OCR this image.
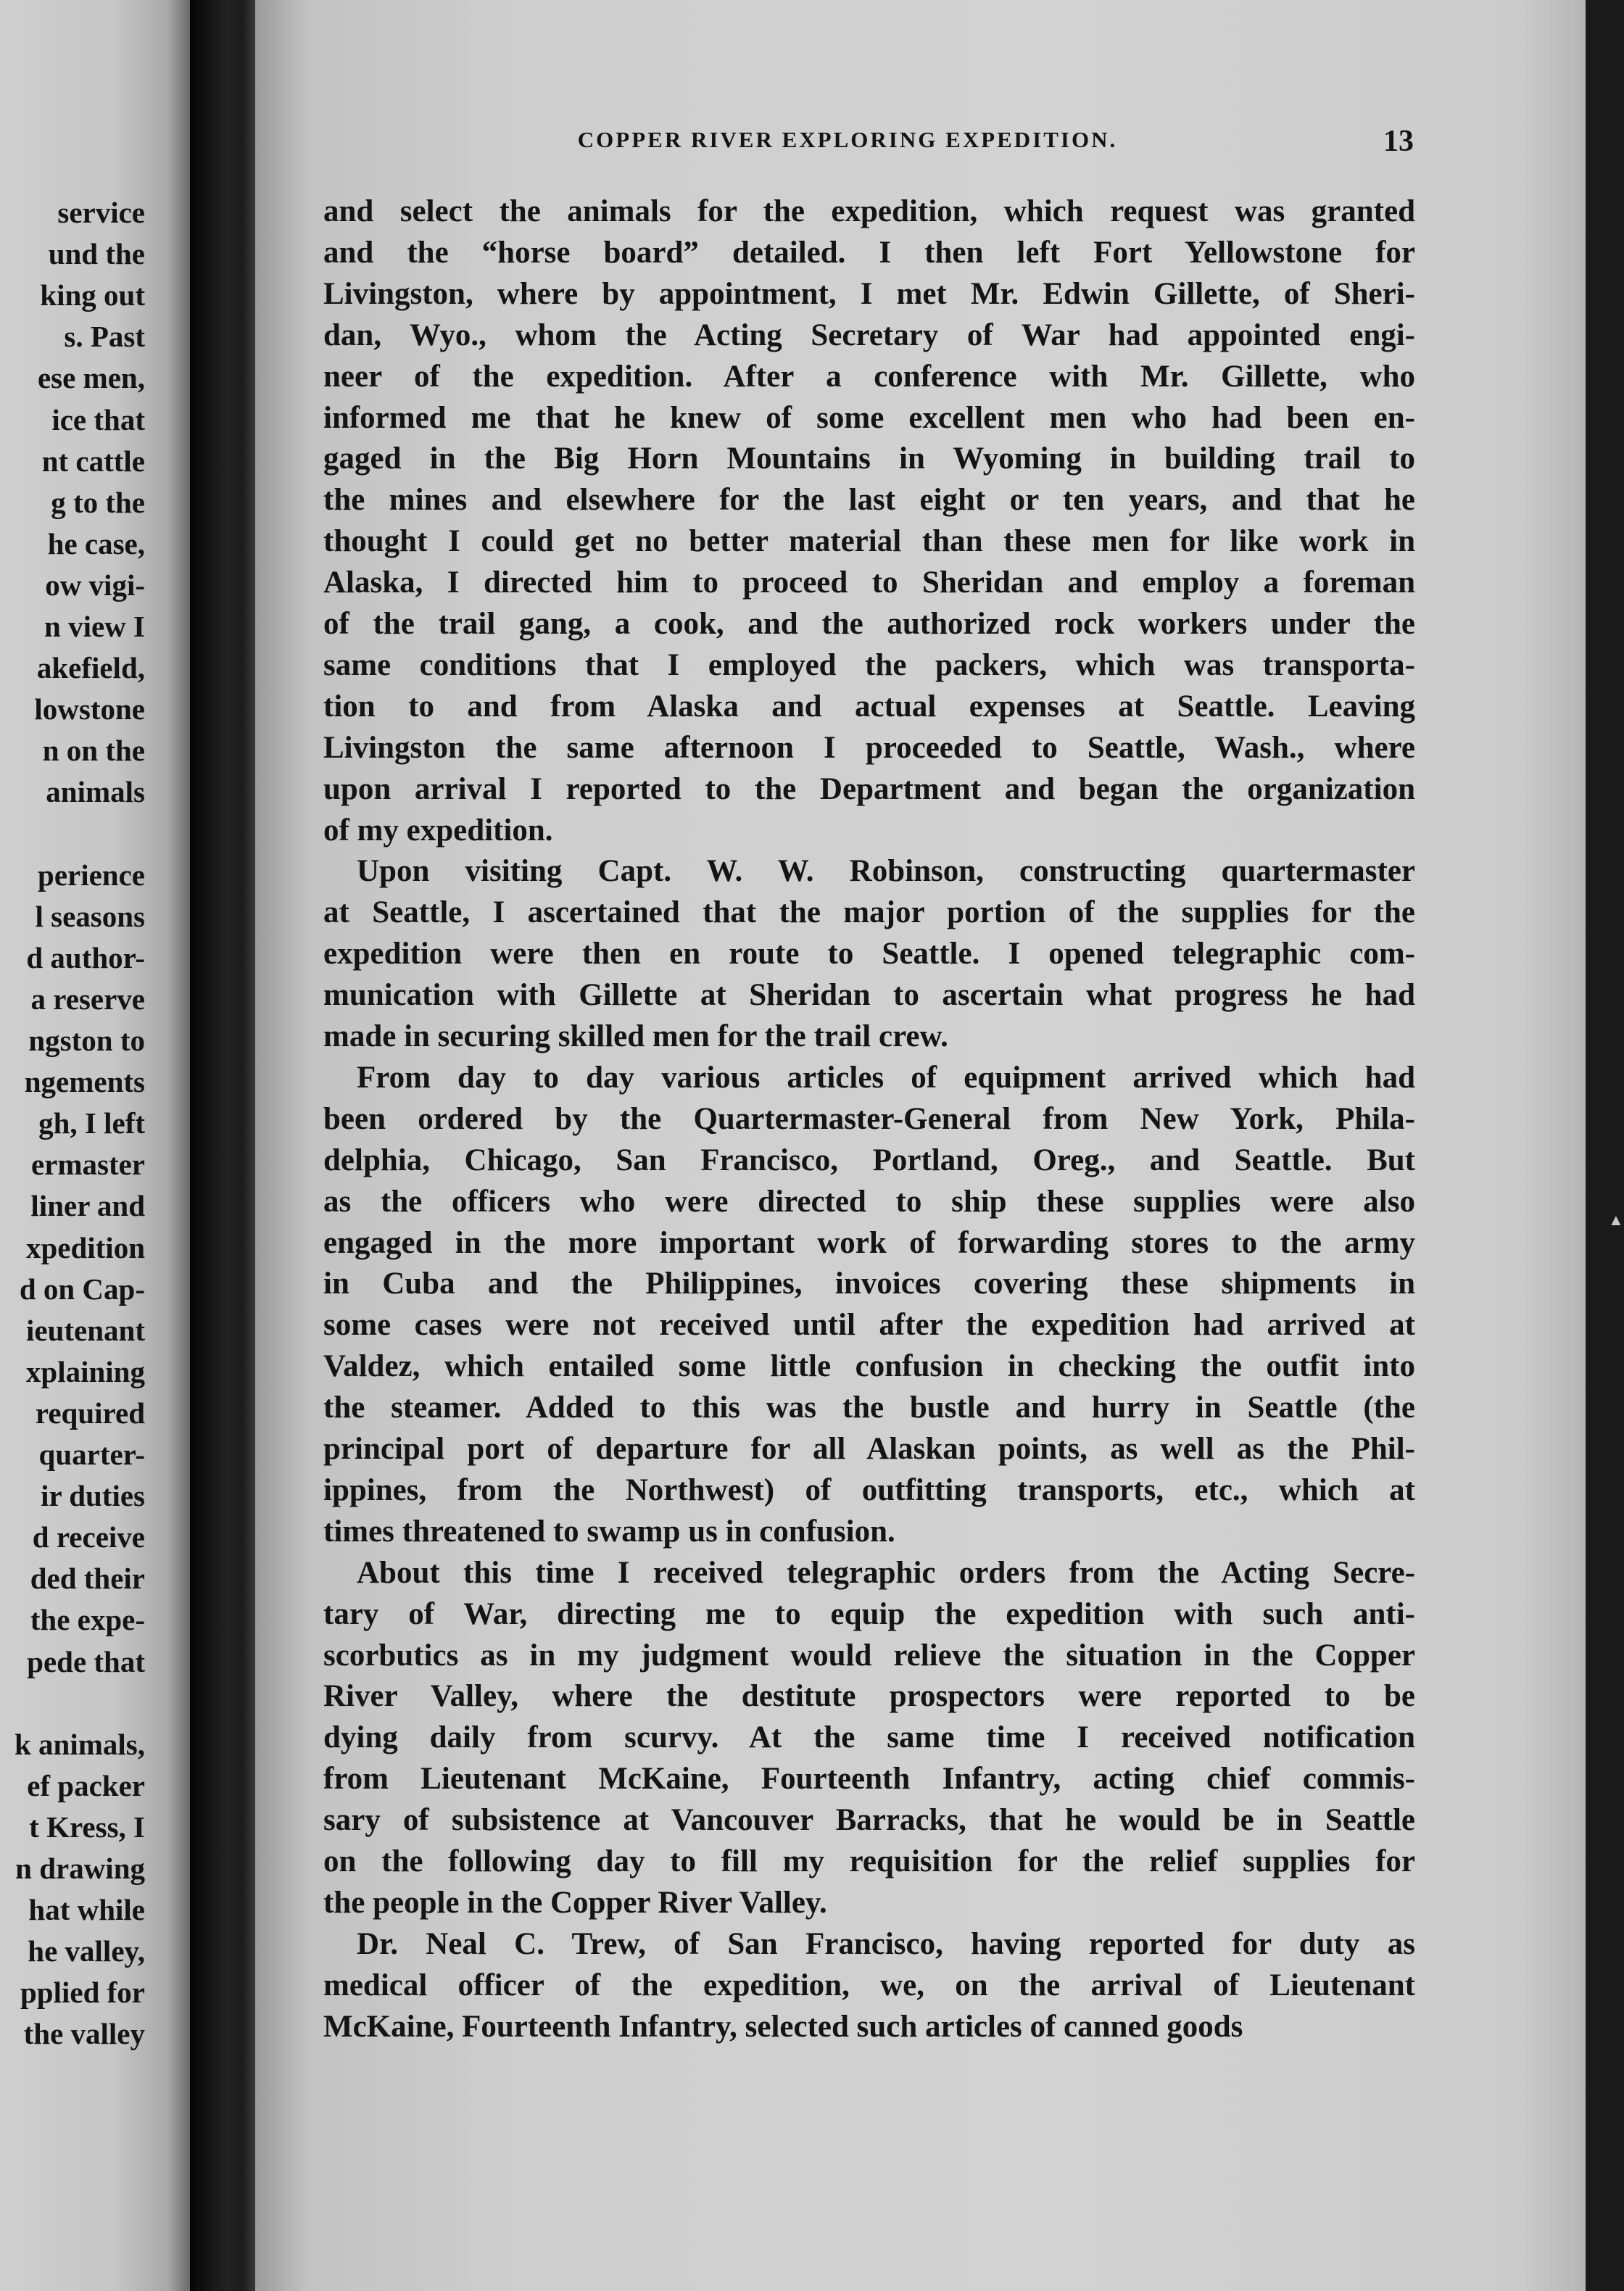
service
und the
king out
s. Past
ese men,
ice that
nt cattle
g to the
he case,
ow vigi-
n view I
akefield,
lowstone
n on the
animals
perience
l seasons
d author-
a reserve
ngston to
ngements
gh, I left
ermaster
liner and
xpedition
d on Cap-
ieutenant
xplaining
required
quarter-
ir duties
d receive
ded their
the expe-
pede that
k animals,
ef packer
t Kress, I
n drawing
hat while
he valley,
pplied for
the valley
COPPER RIVER EXPLORING EXPEDITION.	13
and select the animals for the expedition, which request was granted
and the “horse board” detailed. I then left Fort Yellowstone for
Livingston, where by appointment, I met Mr. Edwin Gillette, of Sheri-
dan, Wyo., whom the Acting Secretary of War had appointed engi-
neer of the expedition. After a conference with Mr. Gillette, who
informed me that he knew of some excellent men who had been en-
gaged in the Big Horn Mountains in Wyoming in building trail to
the mines and elsewhere for the last eight or ten years, and that he
thought I could get no better material than these men for like work in
Alaska, I directed him to proceed to Sheridan and employ a foreman
of the trail gang, a cook, and the authorized rock workers under the
same conditions that I employed the packers, which was transporta-
tion to and from Alaska and actual expenses at Seattle. Leaving
Livingston the same afternoon I proceeded to Seattle, Wash., where
upon arrival I reported to the Department and began the organization
of my expedition.
Upon visiting Capt. W. W. Robinson, constructing quartermaster
at Seattle, I ascertained that the major portion of the supplies for the
expedition were then en route to Seattle. I opened telegraphic com-
munication with Gillette at Sheridan to ascertain what progress he had
made in securing skilled men for the trail crew.
From day to day various articles of equipment arrived which had
been ordered by the Quartermaster-General from New York, Phila-
delphia, Chicago, San Francisco, Portland, Oreg., and Seattle. But
as the officers who were directed to ship these supplies were also
engaged in the more important work of forwarding stores to the army
in Cuba and the Philippines, invoices covering these shipments in
some cases were not received until after the expedition had arrived at
Valdez, which entailed some little confusion in checking the outfit into
the steamer. Added to this was the bustle and hurry in Seattle (the
principal port of departure for all Alaskan points, as well as the Phil-
ippines, from the Northwest) of outfitting transports, etc., which at
times threatened to swamp us in confusion.
About this time I received telegraphic orders from the Acting Secre-
tary of War, directing me to equip the expedition with such anti-
scorbutics as in my judgment would relieve the situation in the Copper
River Valley, where the destitute prospectors were reported to be
dying daily from scurvy. At the same time I received notification
from Lieutenant McKaine, Fourteenth Infantry, acting chief commis-
sary of subsistence at Vancouver Barracks, that he would be in Seattle
on the following day to fill my requisition for the relief supplies for
the people in the Copper River Valley.
Dr. Neal C. Trew, of San Francisco, having reported for duty as
medical officer of the expedition, we, on the arrival of Lieutenant
McKaine, Fourteenth Infantry, selected such articles of canned goods
▲
